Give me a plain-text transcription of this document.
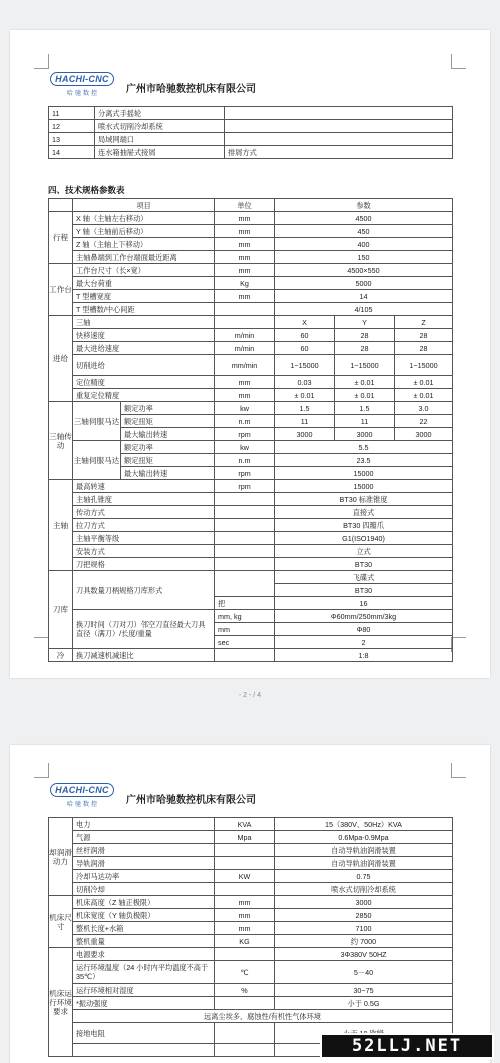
HACHI-CNC
哈驰数控	广州市哈驰数控机床有限公司
11	分离式手摇轮	
12	喷水式切削冷却系统	
13	局域网端口	
14	连水箱抽屉式接屑	排屑方式
四、技术规格参数表
	项目		单位	参数		
行程	X 轴（主轴左右移动）		mm	4500		
	Y 轴（主轴前后移动）		mm	450		
	Z 轴（主轴上下移动）		mm	400		
	主轴鼻端到工作台端面最近距离		mm	150		
工作台	工作台尺寸（长×宽）		mm	4500×550		
	最大台荷重		Kg	5000		
	T 型槽宽度		mm	14		
	T 型槽数/中心间距			4/105		
进给	三轴			X	Y	Z
	快移速度		m/min	60	28	28
	最大进给速度		m/min	60	28	28
	切削进给		mm/min	1~15000	1~15000	1~15000
	定位精度		mm	0.03	± 0.01	± 0.01
	重复定位精度		mm	± 0.01	± 0.01	± 0.01
三轴传动	三轴伺服马达	额定功率	kw	1.5	1.5	3.0
		额定扭矩	n.m	11	11	22
		最大输出转速	rpm	3000	3000	3000
	主轴伺服马达	额定功率	kw	5.5		
		额定扭矩	n.m	23.5		
		最大输出转速	rpm	15000		
主轴	最高转速		rpm	15000		
	主轴孔锥度			BT30 标准锥度		
	传动方式			直接式		
	拉刀方式			BT30 四瓣爪		
	主轴平衡等级			G1(ISO1940)		
	安装方式			立式		
	刀把规格			BT30		
刀库	刀具数量刀柄规格刀库形式			飞碟式		
				BT30		
			把	16		
	换刀时间（刀对刀）邻空刀直径最大刀具直径（满刀）/长度/重量		mm, kg	Φ60mm/250mm/3kg		
			mm	Φ80		
			sec	2		
冷	换刀减速机减速比			1:8		
- 2 - / 4
HACHI-CNC
哈驰数控	广州市哈驰数控机床有限公司
却润滑动力	电力	KVA	15（380V、50Hz）KVA
	气源	Mpa	0.6Mpa-0.9Mpa
	丝杆润滑		自动导轨油润滑装置
	导轨润滑		自动导轨油润滑装置
	冷却马达功率	KW	0.75
	切削冷却		喷水式切削冷却系统
机床尺寸	机床高度（Z 轴正极限）	mm	3000
	机床宽度（Y 轴负极限）	mm	2850
	整机长度+水箱	mm	7100
	整机重量	KG	约 7000
机床运行环境要求	电源要求		3Φ380V 50HZ
	运行环境温度（24 小时内平均温度不高于 35℃）	℃	5－40
	运行环境相对湿度	%	30~75
	*振动强度		小于 0.5G
	远离尘埃多、腐蚀性/有机性气体环境		
	接地电阻		

52LLJ.NET
